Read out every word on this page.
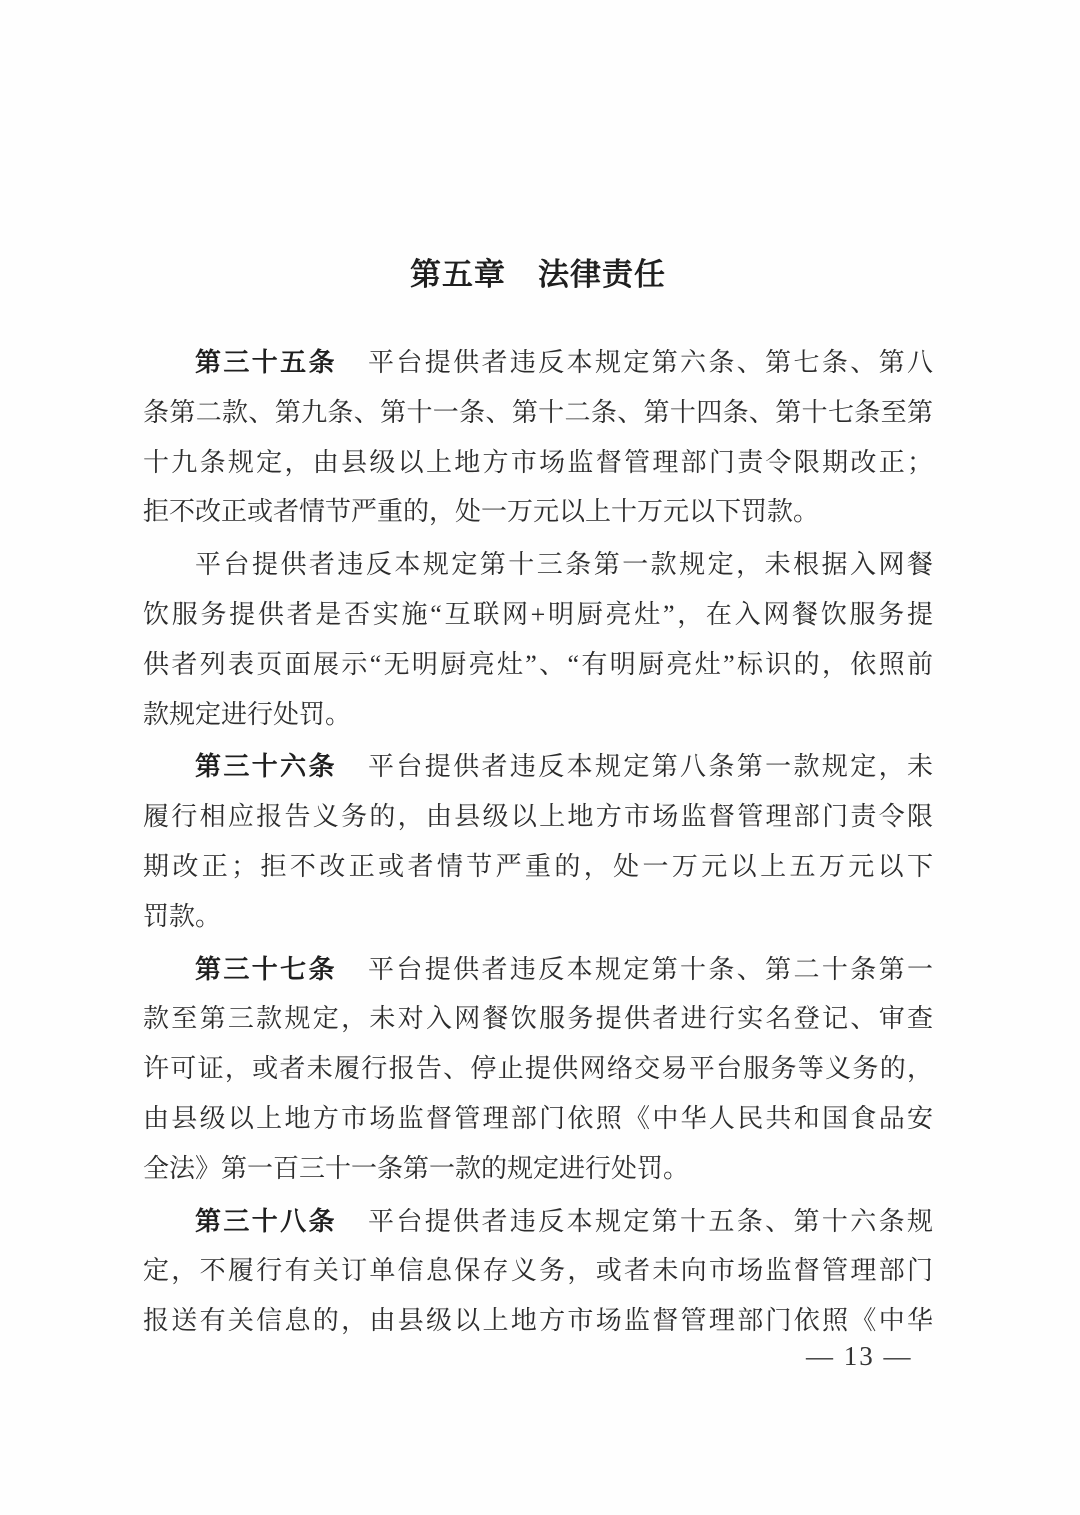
第五章　法律责任
第三十五条 平台提供者违反本规定第六条、第七条、第八
条第二款、第九条、第十一条、第十二条、第十四条、第十七条至第
十九条规定，由县级以上地方市场监督管理部门责令限期改正；
拒不改正或者情节严重的，处一万元以上十万元以下罚款。
平台提供者违反本规定第十三条第一款规定，未根据入网餐
饮服务提供者是否实施“互联网+明厨亮灶”，在入网餐饮服务提
供者列表页面展示“无明厨亮灶”、“有明厨亮灶”标识的，依照前
款规定进行处罚。
第三十六条 平台提供者违反本规定第八条第一款规定，未
履行相应报告义务的，由县级以上地方市场监督管理部门责令限
期改正；拒不改正或者情节严重的，处一万元以上五万元以下
罚款。
第三十七条 平台提供者违反本规定第十条、第二十条第一
款至第三款规定，未对入网餐饮服务提供者进行实名登记、审查
许可证，或者未履行报告、停止提供网络交易平台服务等义务的，
由县级以上地方市场监督管理部门依照《中华人民共和国食品安
全法》第一百三十一条第一款的规定进行处罚。
第三十八条 平台提供者违反本规定第十五条、第十六条规
定，不履行有关订单信息保存义务，或者未向市场监督管理部门
报送有关信息的，由县级以上地方市场监督管理部门依照《中华
— 13 —
